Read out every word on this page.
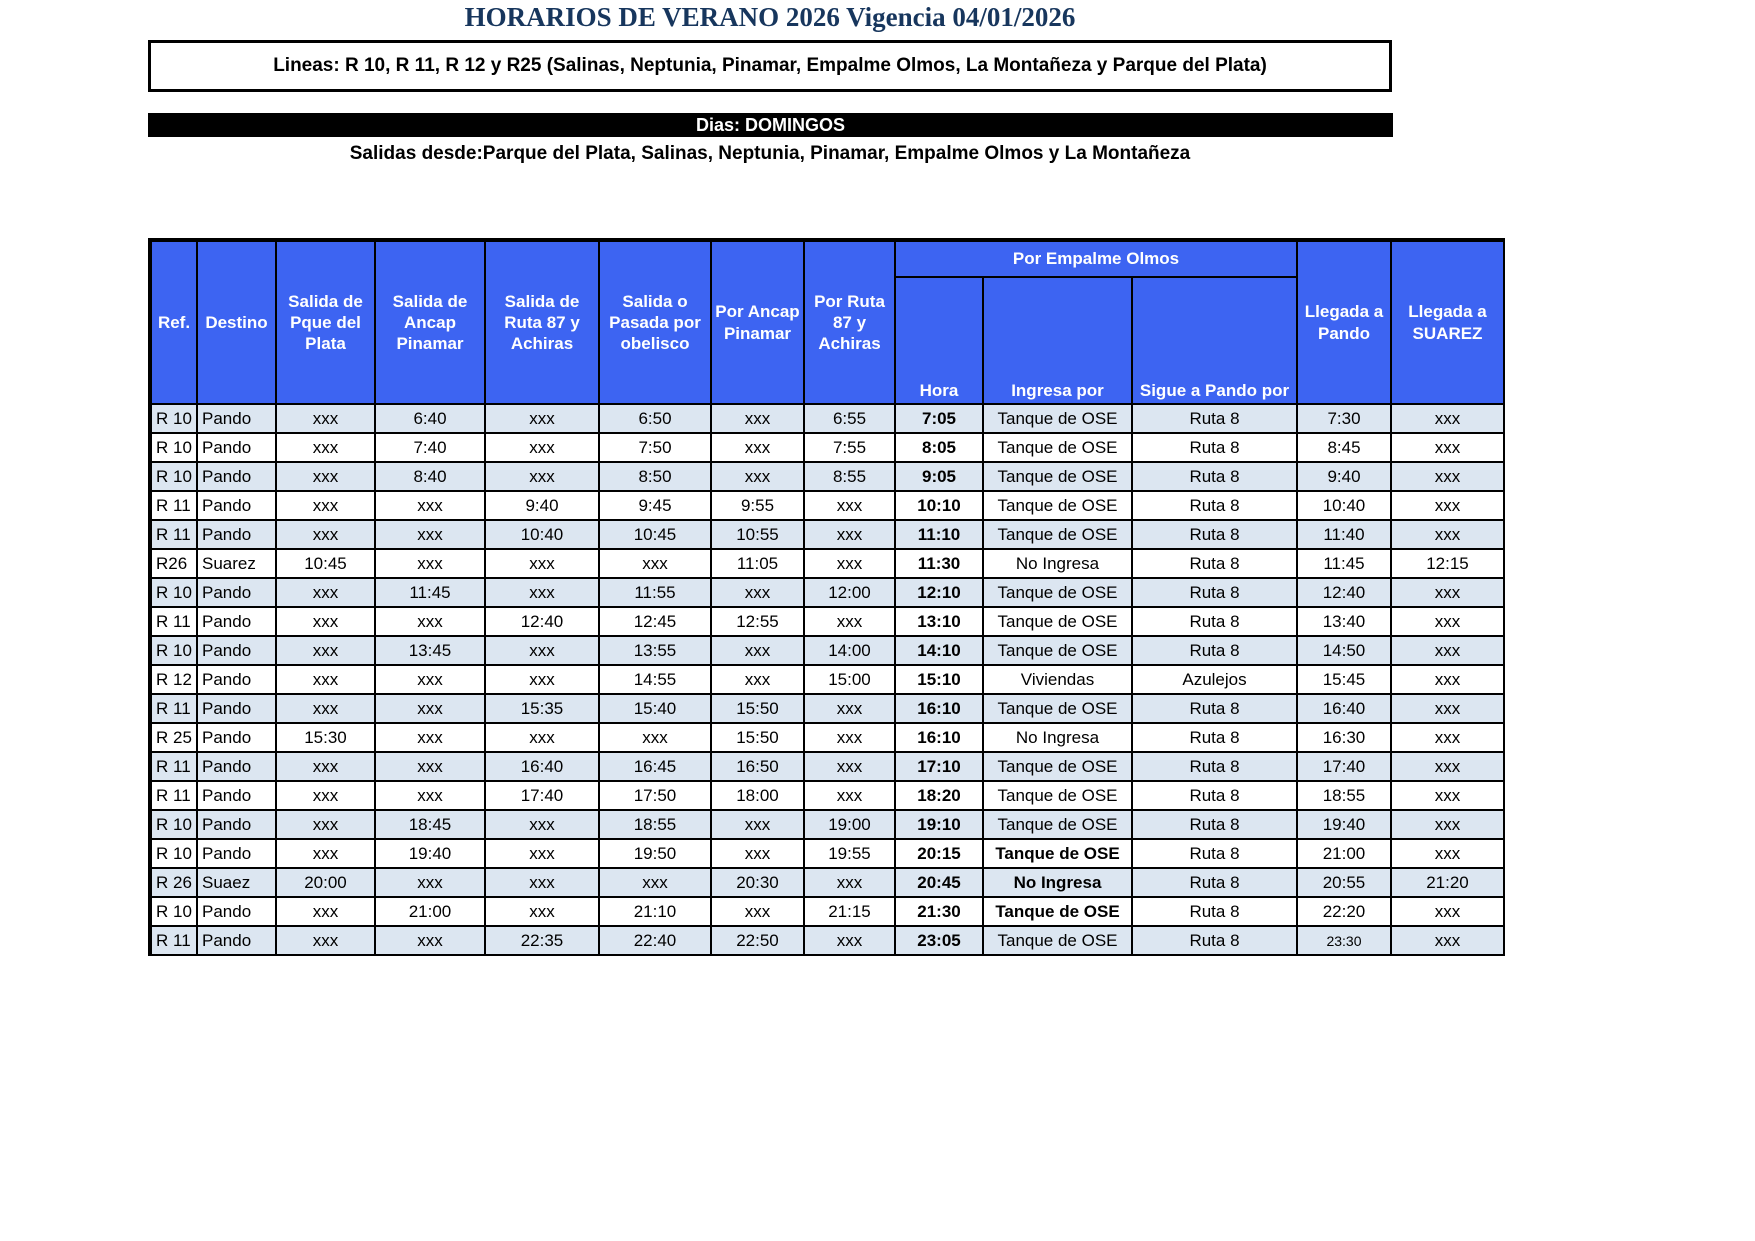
HORARIOS DE VERANO 2026 Vigencia 04/01/2026
Lineas: R 10, R 11, R 12 y R25 (Salinas, Neptunia, Pinamar, Empalme Olmos, La Montañeza y Parque del Plata)
Dias: DOMINGOS
Salidas desde:Parque del Plata, Salinas, Neptunia, Pinamar, Empalme Olmos y La Montañeza
Ref.	Destino	Salida de Pque del Plata	Salida de Ancap Pinamar	Salida de Ruta 87 y Achiras	Salida o Pasada por obelisco	Por Ancap Pinamar	Por Ruta 87 y Achiras	Por Empalme Olmos			Llegada a Pando	Llegada a SUAREZ
								Hora	Ingresa por	Sigue a Pando por		
R 10	Pando	xxx	6:40	xxx	6:50	xxx	6:55	7:05	Tanque de OSE	Ruta 8	7:30	xxx
R 10	Pando	xxx	7:40	xxx	7:50	xxx	7:55	8:05	Tanque de OSE	Ruta 8	8:45	xxx
R 10	Pando	xxx	8:40	xxx	8:50	xxx	8:55	9:05	Tanque de OSE	Ruta 8	9:40	xxx
R 11	Pando	xxx	xxx	9:40	9:45	9:55	xxx	10:10	Tanque de OSE	Ruta 8	10:40	xxx
R 11	Pando	xxx	xxx	10:40	10:45	10:55	xxx	11:10	Tanque de OSE	Ruta 8	11:40	xxx
R26	Suarez	10:45	xxx	xxx	xxx	11:05	xxx	11:30	No Ingresa	Ruta 8	11:45	12:15
R 10	Pando	xxx	11:45	xxx	11:55	xxx	12:00	12:10	Tanque de OSE	Ruta 8	12:40	xxx
R 11	Pando	xxx	xxx	12:40	12:45	12:55	xxx	13:10	Tanque de OSE	Ruta 8	13:40	xxx
R 10	Pando	xxx	13:45	xxx	13:55	xxx	14:00	14:10	Tanque de OSE	Ruta 8	14:50	xxx
R 12	Pando	xxx	xxx	xxx	14:55	xxx	15:00	15:10	Viviendas	Azulejos	15:45	xxx
R 11	Pando	xxx	xxx	15:35	15:40	15:50	xxx	16:10	Tanque de OSE	Ruta 8	16:40	xxx
R 25	Pando	15:30	xxx	xxx	xxx	15:50	xxx	16:10	No Ingresa	Ruta 8	16:30	xxx
R 11	Pando	xxx	xxx	16:40	16:45	16:50	xxx	17:10	Tanque de OSE	Ruta 8	17:40	xxx
R 11	Pando	xxx	xxx	17:40	17:50	18:00	xxx	18:20	Tanque de OSE	Ruta 8	18:55	xxx
R 10	Pando	xxx	18:45	xxx	18:55	xxx	19:00	19:10	Tanque de OSE	Ruta 8	19:40	xxx
R 10	Pando	xxx	19:40	xxx	19:50	xxx	19:55	20:15	Tanque de OSE	Ruta 8	21:00	xxx
R 26	Suaez	20:00	xxx	xxx	xxx	20:30	xxx	20:45	No Ingresa	Ruta 8	20:55	21:20
R 10	Pando	xxx	21:00	xxx	21:10	xxx	21:15	21:30	Tanque de OSE	Ruta 8	22:20	xxx
R 11	Pando	xxx	xxx	22:35	22:40	22:50	xxx	23:05	Tanque de OSE	Ruta 8	23:30	xxx
